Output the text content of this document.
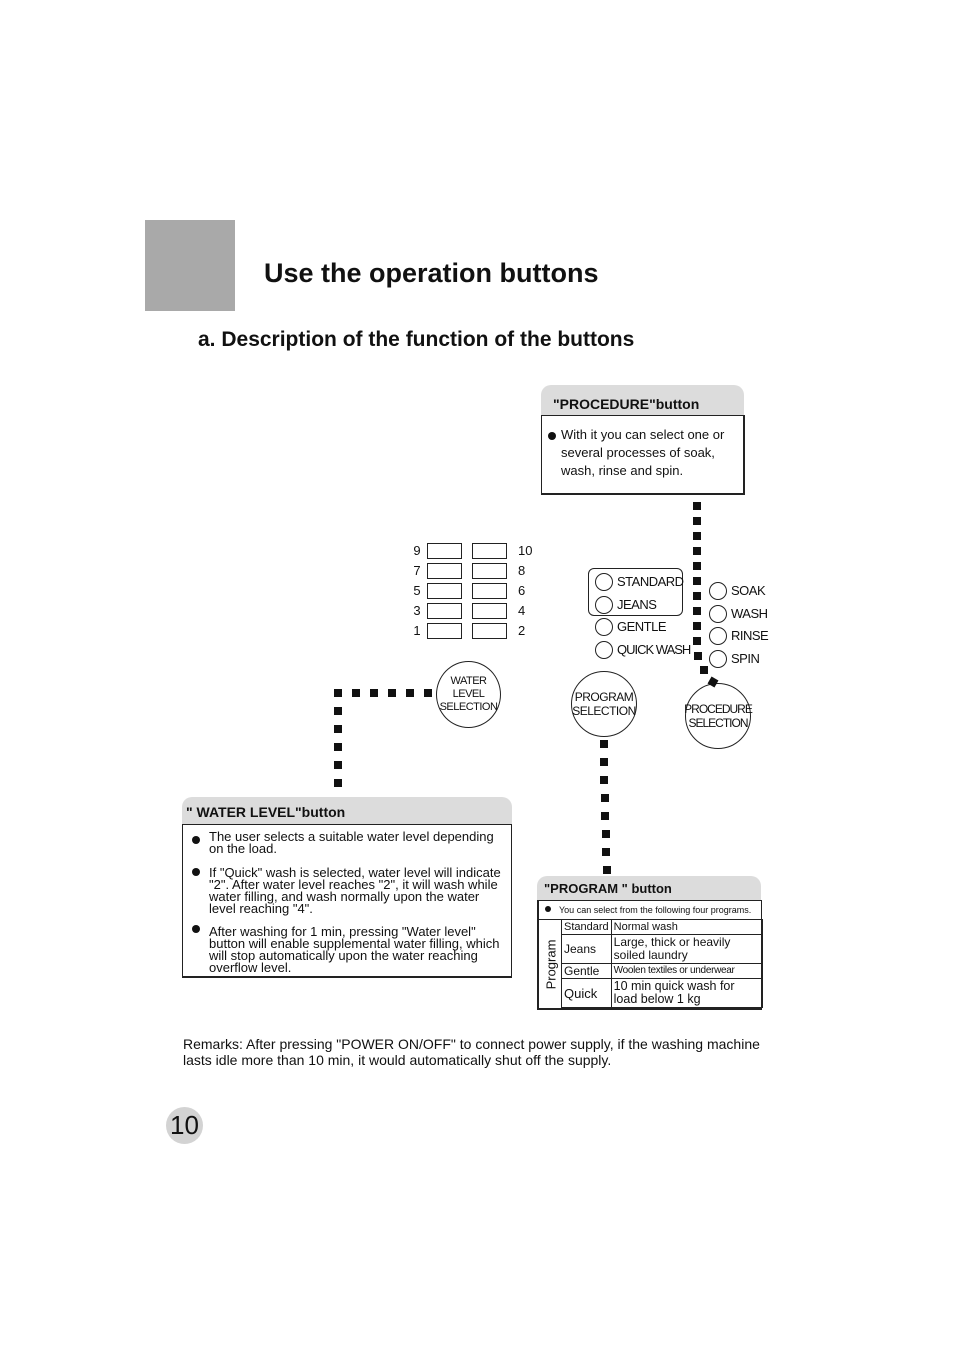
Use the operation buttons
a. Description of the function of the buttons
"PROCEDURE"button
With it you can select one or several processes of soak, wash, rinse and spin.
9
7
5
3
1
10
8
6
4
2
STANDARD
JEANS
GENTLE
QUICK WASH
SOAK
WASH
RINSE
SPIN
WATER
LEVEL
SELECTION
PROGRAM
SELECTION	PROCEDURE
SELECTION
" WATER LEVEL"button
The user selects a suitable water level depending on the load.
If "Quick" wash is selected, water level will indicate "2". After water level reaches "2", it will wash while water filling, and wash normally upon the water level reaching "4".
After washing for 1 min, pressing "Water level" button will enable supplemental water filling, which will stop automatically upon the water reaching overflow level.
"PROGRAM " button
You can select from the following four programs.
Program
Standard	Normal wash
Jeans	Large, thick or heavily soiled laundry
Gentle	Woolen textiles or underwear
Quick	10 min quick wash for load below 1 kg
Remarks: After pressing "POWER ON/OFF" to connect power supply, if the washing machine lasts idle more than 10 min, it would automatically shut off the supply.
10
